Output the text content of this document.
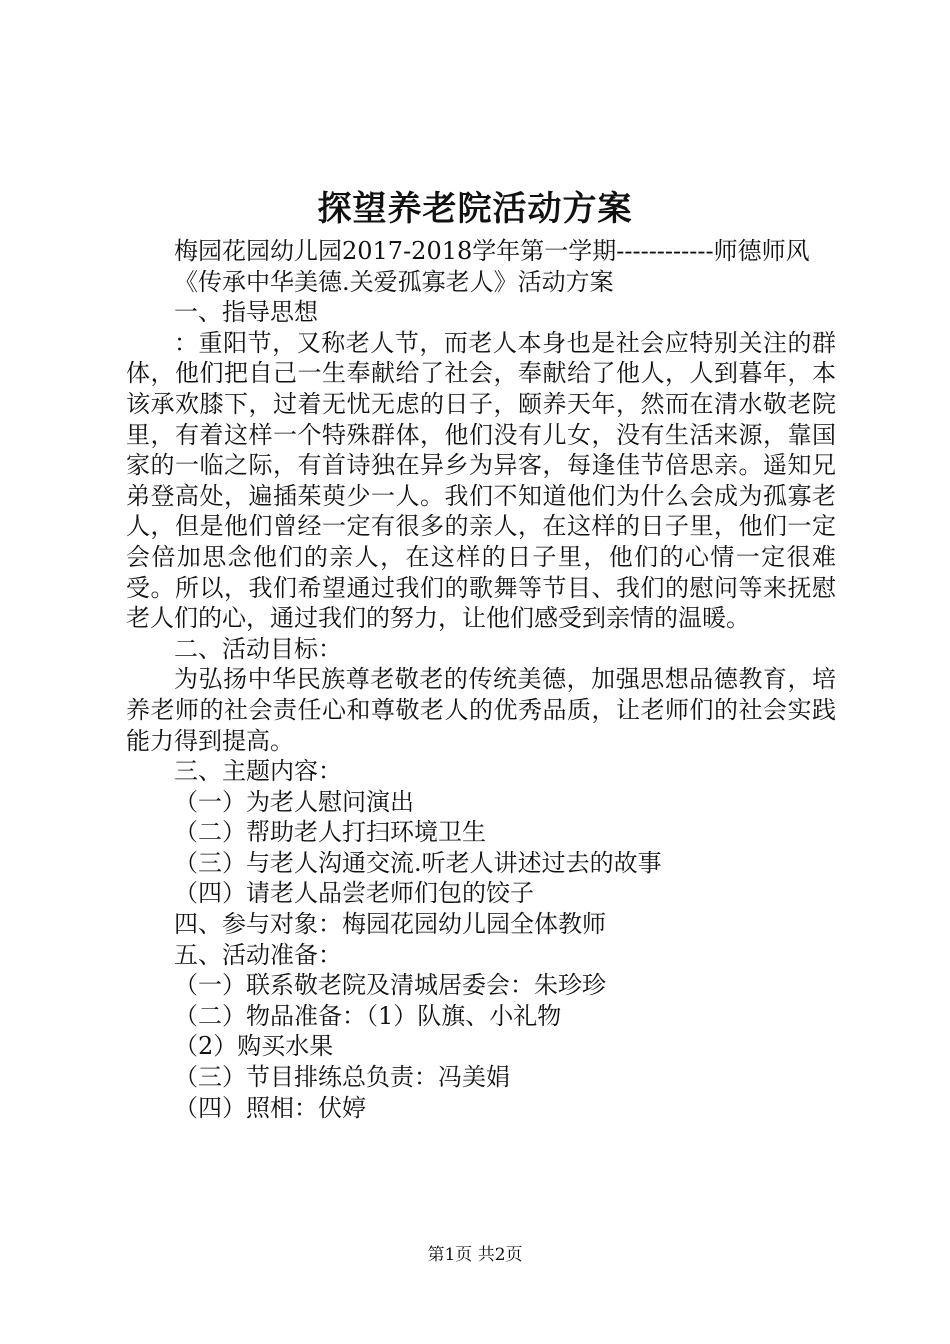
探望养老院活动方案

梅园花园幼儿园2017-2018学年第一学期------------师德师风

《传承中华美德.关爱孤寡老人》活动方案

一、指导思想

：重阳节，又称老人节，而老人本身也是社会应特别关注的群体，他们把自己一生奉献给了社会，奉献给了他人，人到暮年，本该承欢膝下，过着无忧无虑的日子，颐养天年，然而在清水敬老院里，有着这样一个特殊群体，他们没有儿女，没有生活来源，靠国家的一临之际，有首诗独在异乡为异客，每逢佳节倍思亲。遥知兄弟登高处，遍插茱萸少一人。我们不知道他们为什么会成为孤寡老人，但是他们曾经一定有很多的亲人，在这样的日子里，他们一定会倍加思念他们的亲人，在这样的日子里，他们的心情一定很难受。所以，我们希望通过我们的歌舞等节目、我们的慰问等来抚慰老人们的心，通过我们的努力，让他们感受到亲情的温暖。

二、活动目标：

为弘扬中华民族尊老敬老的传统美德，加强思想品德教育，培养老师的社会责任心和尊敬老人的优秀品质，让老师们的社会实践能力得到提高。

三、主题内容：

（一）为老人慰问演出

（二）帮助老人打扫环境卫生

（三）与老人沟通交流.听老人讲述过去的故事

（四）请老人品尝老师们包的饺子

四、参与对象：梅园花园幼儿园全体教师

五、活动准备：

（一）联系敬老院及清城居委会：朱珍珍

（二）物品准备：（1）队旗、小礼物

（2）购买水果

（三）节目排练总负责：冯美娟

（四）照相：伏婷

第1页 共2页
